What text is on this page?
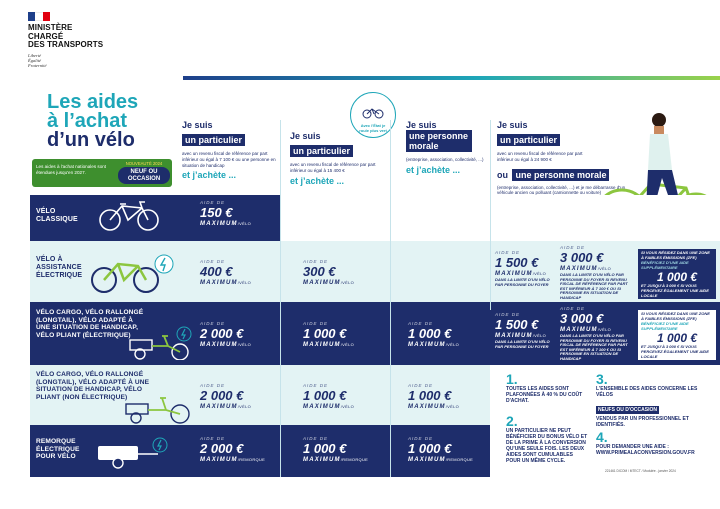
MINISTÈRE
CHARGÉ
DES TRANSPORTS
Liberté
Égalité
Fraternité
Les aides
à l’achat
d’un vélo
Les aides à l'achat nationales sont étendues jusqu'en 2027.
NOUVEAUTÉ 2024
NEUF OU OCCASION
Avec l'État je roule plus vert
Je suis
un particulier
avec un revenu fiscal de référence par part inférieur ou égal à 7 100 € ou une personne en situation de handicap
et j’achète ...
Je suis
un particulier
avec un revenu fiscal de référence par part inférieur ou égal à 15 400 €
et j’achète ...
Je suis
une personne morale
(entreprise, association, collectivité, ...)
et j’achète ...
Je suis
un particulier
avec un revenu fiscal de référence par part inférieur ou égal à 24 900 €
ou une personne morale
(entreprise, association, collectivité, ...) et je me débarrasse d'un véhicule ancien ou polluant (camionnette ou voiture)
VÉLO CLASSIQUE
AIDE DE
150 €
MAXIMUM/VÉLO
VÉLO À ASSISTANCE ÉLECTRIQUE
AIDE DE
400 €
MAXIMUM/VÉLO
AIDE DE
300 €
MAXIMUM/VÉLO
AIDE DE
1 500 €
MAXIMUM/VÉLO
DANS LA LIMITE D'UN VÉLO PAR PERSONNE DU FOYER
AIDE DE
3 000 €
MAXIMUM/VÉLO
DANS LA LIMITE D'UN VÉLO PAR PERSONNE DU FOYER SI REVENU FISCAL DE RÉFÉRENCE PAR PART EST INFÉRIEUR À 7 100 € OU SI PERSONNE EN SITUATION DE HANDICAP
SI VOUS RÉSIDEZ DANS UNE ZONE À FAIBLES ÉMISSIONS (ZFE)
BÉNÉFICIEZ D'UNE AIDE SUPPLÉMENTAIRE
1 000 €
ET JUSQU'À 3 000 € SI VOUS PERCEVEZ ÉGALEMENT UNE AIDE LOCALE
VÉLO CARGO, VÉLO RALLONGÉ (LONGTAIL), VÉLO ADAPTÉ À UNE SITUATION DE HANDICAP, VÉLO PLIANT (ÉLECTRIQUE)
AIDE DE
2 000 €
MAXIMUM/VÉLO
AIDE DE
1 000 €
MAXIMUM/VÉLO
AIDE DE
1 000 €
MAXIMUM/VÉLO
AIDE DE
1 500 €
MAXIMUM/VÉLO
DANS LA LIMITE D'UN VÉLO PAR PERSONNE DU FOYER
AIDE DE
3 000 €
MAXIMUM/VÉLO
DANS LA LIMITE D'UN VÉLO PAR PERSONNE DU FOYER SI REVENU FISCAL DE RÉFÉRENCE PAR PART EST INFÉRIEUR À 7 100 € OU SI PERSONNE EN SITUATION DE HANDICAP
SI VOUS RÉSIDEZ DANS UNE ZONE À FAIBLES ÉMISSIONS (ZFE)
BÉNÉFICIEZ D'UNE AIDE SUPPLÉMENTAIRE
1 000 €
ET JUSQU'À 3 000 € SI VOUS PERCEVEZ ÉGALEMENT UNE AIDE LOCALE
VÉLO CARGO, VÉLO RALLONGÉ (LONGTAIL), VÉLO ADAPTÉ À UNE SITUATION DE HANDICAP, VÉLO PLIANT (NON ÉLECTRIQUE)
AIDE DE
2 000 €
MAXIMUM/VÉLO
AIDE DE
1 000 €
MAXIMUM/VÉLO
AIDE DE
1 000 €
MAXIMUM/VÉLO
REMORQUE ÉLECTRIQUE POUR VÉLO
AIDE DE
2 000 €
MAXIMUM/REMORQUE
AIDE DE
1 000 €
MAXIMUM/REMORQUE
AIDE DE
1 000 €
MAXIMUM/REMORQUE
1.
TOUTES LES AIDES SONT PLAFONNÉES À 40 % DU COÛT D'ACHAT.
2.
UN PARTICULIER NE PEUT BÉNÉFICIER DU BONUS VÉLO ET DE LA PRIME À LA CONVERSION QU'UNE SEULE FOIS. LES DEUX AIDES SONT CUMULABLES POUR UN MÊME CYCLE.
3.
L'ENSEMBLE DES AIDES CONCERNE LES VÉLOS
NEUFS OU D'OCCASION
VENDUS PAR UN PROFESSIONNEL ET IDENTIFIÉS.
4.
POUR DEMANDER UNE AIDE :
WWW.PRIMEALACONVERSION.GOUV.FR
221461 DICOM / MTECT / Modulée - janvier 2024
